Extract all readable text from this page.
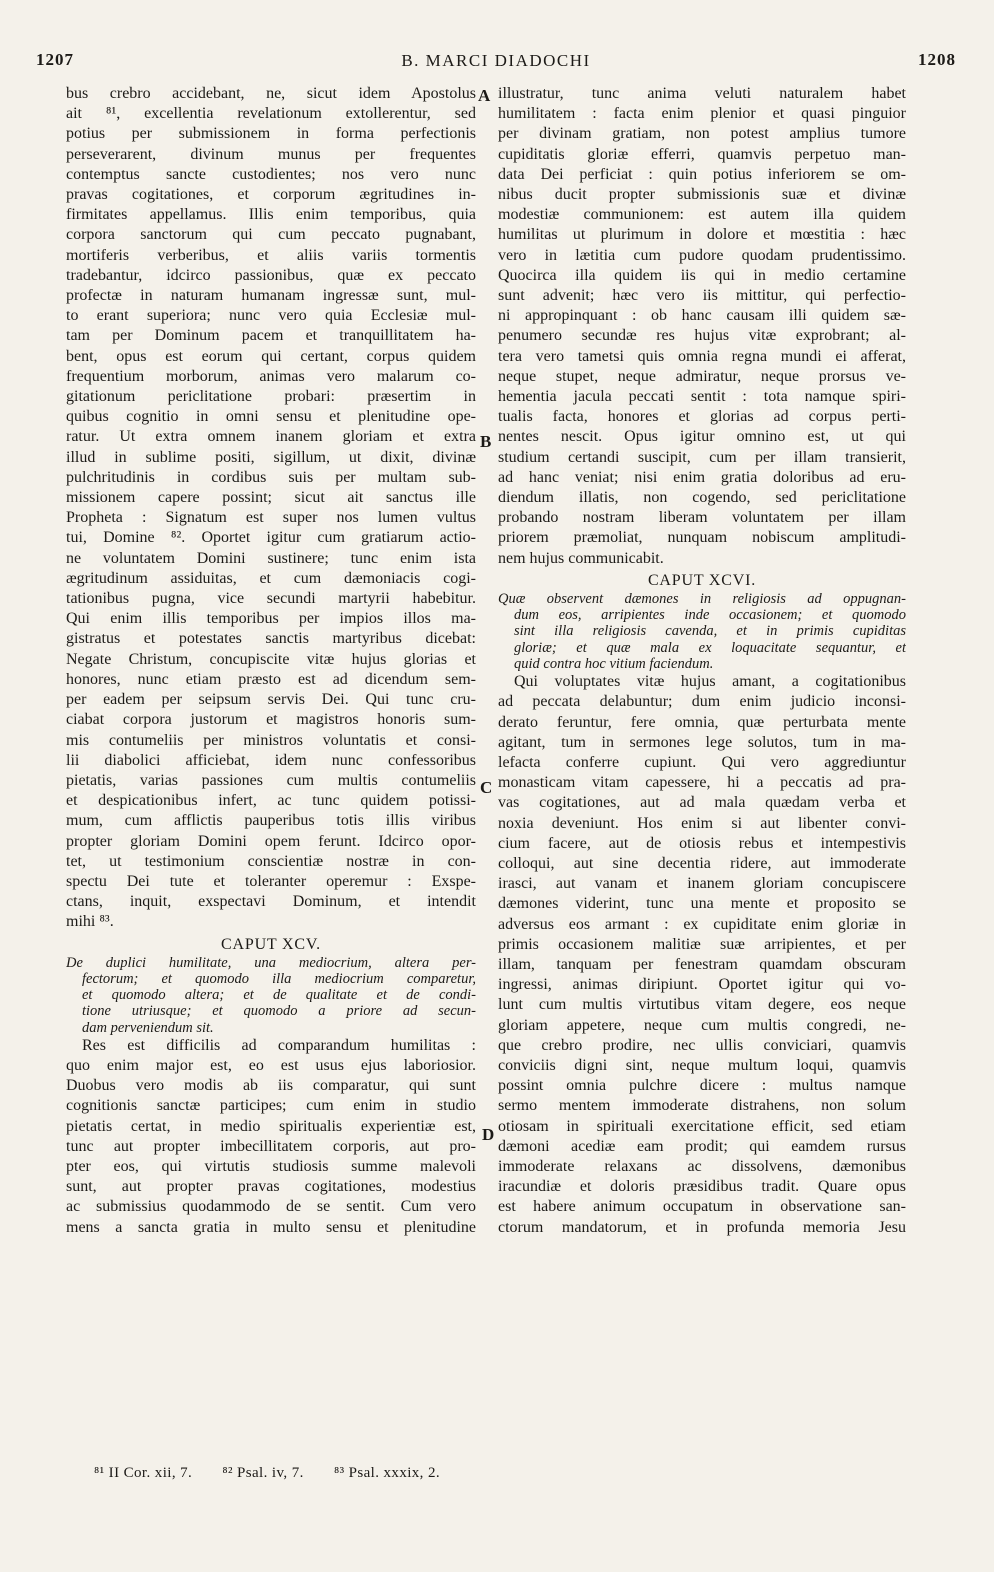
1207	B. MARCI DIADOCHI	1208
bus crebro accidebant, ne, sicut idem Apostolus
ait ⁸¹, excellentia revelationum extollerentur, sed
potius per submissionem in forma perfectionis
perseverarent, divinum munus per frequentes
contemptus sancte custodientes; nos vero nunc
pravas cogitationes, et corporum ægritudines in-
firmitates appellamus. Illis enim temporibus, quia
corpora sanctorum qui cum peccato pugnabant,
mortiferis verberibus, et aliis variis tormentis
tradebantur, idcirco passionibus, quæ ex peccato
profectæ in naturam humanam ingressæ sunt, mul-
to erant superiora; nunc vero quia Ecclesiæ mul-
tam per Dominum pacem et tranquillitatem ha-
bent, opus est eorum qui certant, corpus quidem
frequentium morborum, animas vero malarum co-
gitationum periclitatione probari: præsertim in
quibus cognitio in omni sensu et plenitudine ope-
ratur. Ut extra omnem inanem gloriam et extra
illud in sublime positi, sigillum, ut dixit, divinæ
pulchritudinis in cordibus suis per multam sub-
missionem capere possint; sicut ait sanctus ille
Propheta : Signatum est super nos lumen vultus
tui, Domine ⁸². Oportet igitur cum gratiarum actio-
ne voluntatem Domini sustinere; tunc enim ista
ægritudinum assiduitas, et cum dæmoniacis cogi-
tationibus pugna, vice secundi martyrii habebitur.
Qui enim illis temporibus per impios illos ma-
gistratus et potestates sanctis martyribus dicebat:
Negate Christum, concupiscite vitæ hujus glorias et
honores, nunc etiam præsto est ad dicendum sem-
per eadem per seipsum servis Dei. Qui tunc cru-
ciabat corpora justorum et magistros honoris sum-
mis contumeliis per ministros voluntatis et consi-
lii diabolici afficiebat, idem nunc confessoribus
pietatis, varias passiones cum multis contumeliis
et despicationibus infert, ac tunc quidem potissi-
mum, cum afflictis pauperibus totis illis viribus
propter gloriam Domini opem ferunt. Idcirco opor-
tet, ut testimonium conscientiæ nostræ in con-
spectu Dei tute et toleranter operemur : Exspe-
ctans, inquit, exspectavi Dominum, et intendit
mihi ⁸³.
CAPUT XCV.
De duplici humilitate, una mediocrium, altera per-
fectorum; et quomodo illa mediocrium comparetur,
et quomodo altera; et de qualitate et de condi-
tione utriusque; et quomodo a priore ad secun-
dam perveniendum sit.
Res est difficilis ad comparandum humilitas :
quo enim major est, eo est usus ejus laboriosior.
Duobus vero modis ab iis comparatur, qui sunt
cognitionis sanctæ participes; cum enim in studio
pietatis certat, in medio spiritualis experientiæ est,
tunc aut propter imbecillitatem corporis, aut pro-
pter eos, qui virtutis studiosis summe malevoli
sunt, aut propter pravas cogitationes, modestius
ac submissius quodammodo de se sentit. Cum vero
mens a sancta gratia in multo sensu et plenitudine
illustratur, tunc anima veluti naturalem habet
humilitatem : facta enim plenior et quasi pinguior
per divinam gratiam, non potest amplius tumore
cupiditatis gloriæ efferri, quamvis perpetuo man-
data Dei perficiat : quin potius inferiorem se om-
nibus ducit propter submissionis suæ et divinæ
modestiæ communionem: est autem illa quidem
humilitas ut plurimum in dolore et mœstitia : hæc
vero in lætitia cum pudore quodam prudentissimo.
Quocirca illa quidem iis qui in medio certamine
sunt advenit; hæc vero iis mittitur, qui perfectio-
ni appropinquant : ob hanc causam illi quidem sæ-
penumero secundæ res hujus vitæ exprobrant; al-
tera vero tametsi quis omnia regna mundi ei afferat,
neque stupet, neque admiratur, neque prorsus ve-
hementia jacula peccati sentit : tota namque spiri-
tualis facta, honores et glorias ad corpus perti-
nentes nescit. Opus igitur omnino est, ut qui
studium certandi suscipit, cum per illam transierit,
ad hanc veniat; nisi enim gratia doloribus ad eru-
diendum illatis, non cogendo, sed periclitatione
probando nostram liberam voluntatem per illam
priorem præmoliat, nunquam nobiscum amplitudi-
nem hujus communicabit.
CAPUT XCVI.
Quæ observent dæmones in religiosis ad oppugnan-
dum eos, arripientes inde occasionem; et quomodo
sint illa religiosis cavenda, et in primis cupiditas
gloriæ; et quæ mala ex loquacitate sequantur, et
quid contra hoc vitium faciendum.
Qui voluptates vitæ hujus amant, a cogitationibus
ad peccata delabuntur; dum enim judicio inconsi-
derato feruntur, fere omnia, quæ perturbata mente
agitant, tum in sermones lege solutos, tum in ma-
lefacta conferre cupiunt. Qui vero aggrediuntur
monasticam vitam capessere, hi a peccatis ad pra-
vas cogitationes, aut ad mala quædam verba et
noxia deveniunt. Hos enim si aut libenter convi-
cium facere, aut de otiosis rebus et intempestivis
colloqui, aut sine decentia ridere, aut immoderate
irasci, aut vanam et inanem gloriam concupiscere
dæmones viderint, tunc una mente et proposito se
adversus eos armant : ex cupiditate enim gloriæ in
primis occasionem malitiæ suæ arripientes, et per
illam, tanquam per fenestram quamdam obscuram
ingressi, animas diripiunt. Oportet igitur qui vo-
lunt cum multis virtutibus vitam degere, eos neque
gloriam appetere, neque cum multis congredi, ne-
que crebro prodire, nec ullis conviciari, quamvis
conviciis digni sint, neque multum loqui, quamvis
possint omnia pulchre dicere : multus namque
sermo mentem immoderate distrahens, non solum
otiosam in spirituali exercitatione efficit, sed etiam
dæmoni acediæ eam prodit; qui eamdem rursus
immoderate relaxans ac dissolvens, dæmonibus
iracundiæ et doloris præsidibus tradit. Quare opus
est habere animum occupatum in observatione san-
ctorum mandatorum, et in profunda memoria Jesu
A
B
C
D
⁸¹ II Cor. xii, 7. ⁸² Psal. iv, 7. ⁸³ Psal. xxxix, 2.
